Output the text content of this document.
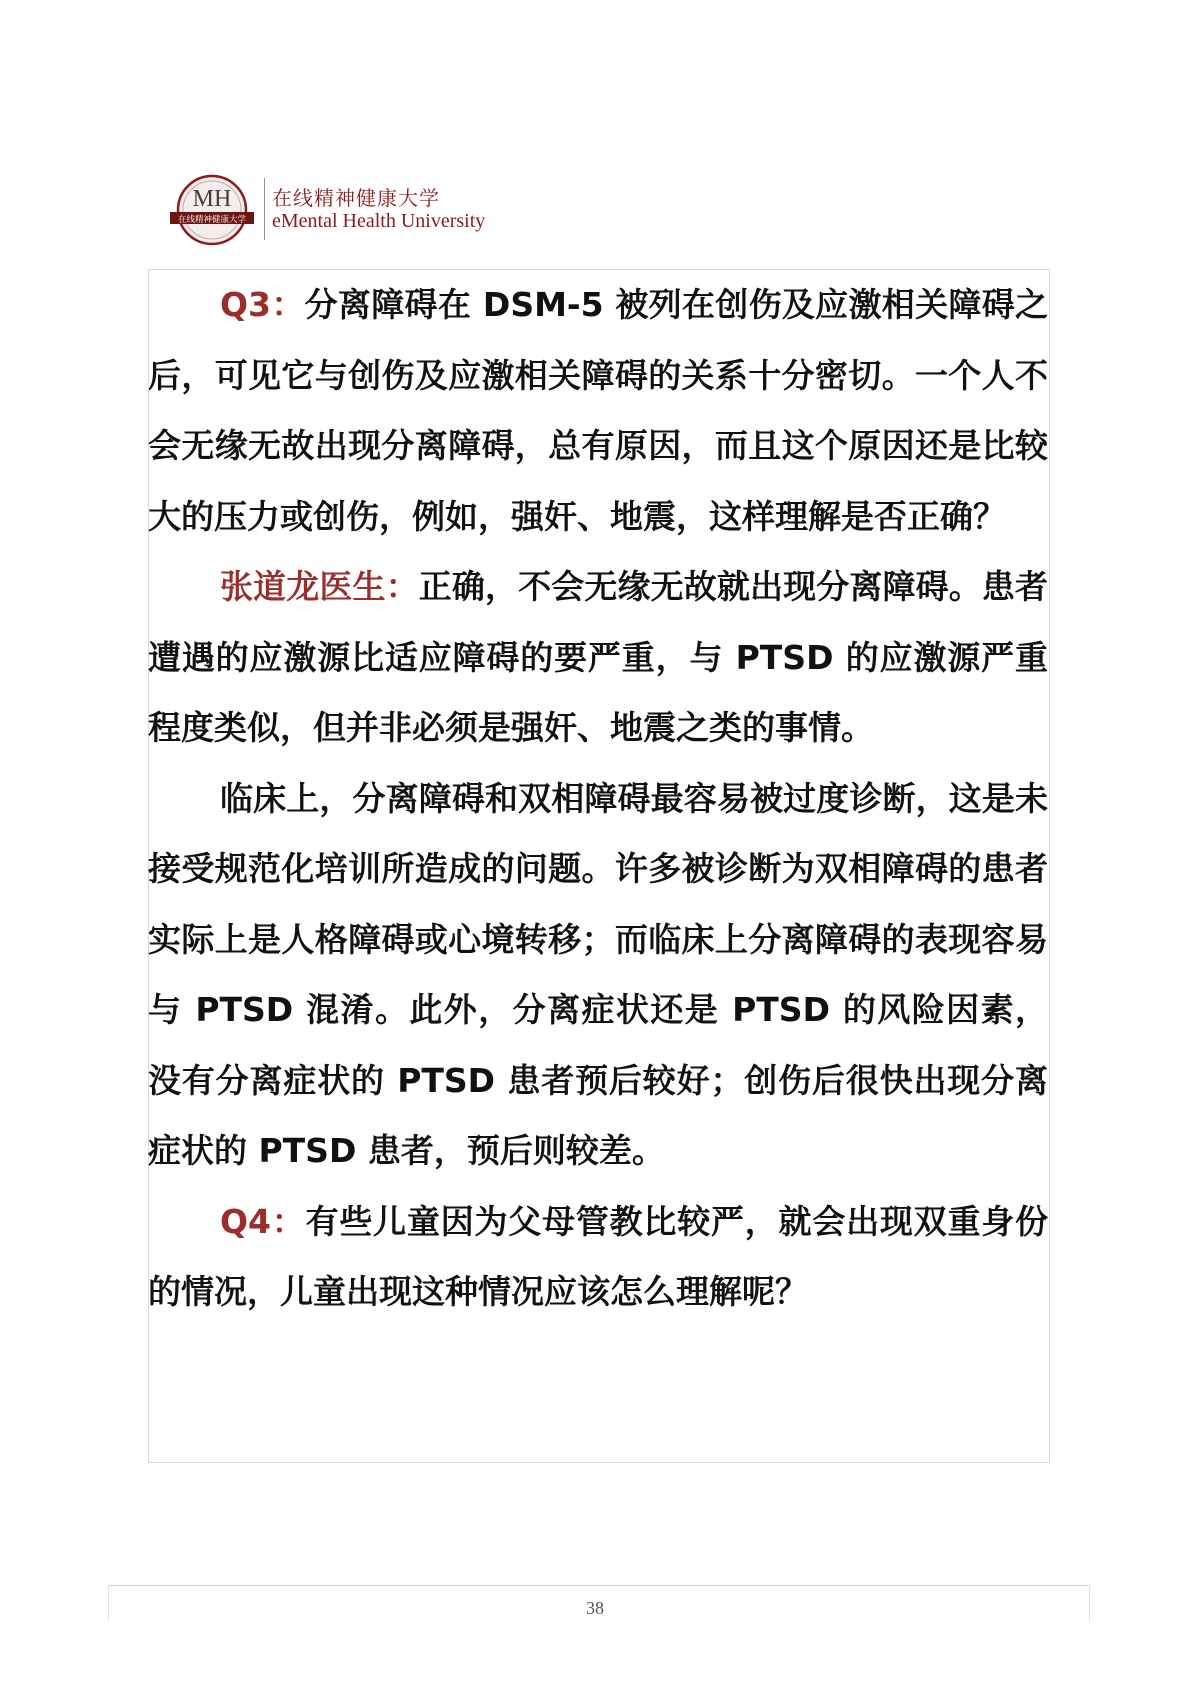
MH
在线精神健康大学
在线精神健康大学
eMental Health University

Q3：分离障碍在 DSM-5 被列在创伤及应激相关障碍之后，可见它与创伤及应激相关障碍的关系十分密切。一个人不会无缘无故出现分离障碍，总有原因，而且这个原因还是比较大的压力或创伤，例如，强奸、地震，这样理解是否正确？

张道龙医生：正确，不会无缘无故就出现分离障碍。患者遭遇的应激源比适应障碍的要严重，与 PTSD 的应激源严重程度类似，但并非必须是强奸、地震之类的事情。

临床上，分离障碍和双相障碍最容易被过度诊断，这是未接受规范化培训所造成的问题。许多被诊断为双相障碍的患者实际上是人格障碍或心境转移；而临床上分离障碍的表现容易与 PTSD 混淆。此外，分离症状还是 PTSD 的风险因素，没有分离症状的 PTSD 患者预后较好；创伤后很快出现分离症状的 PTSD 患者，预后则较差。

Q4：有些儿童因为父母管教比较严，就会出现双重身份的情况，儿童出现这种情况应该怎么理解呢？

38
